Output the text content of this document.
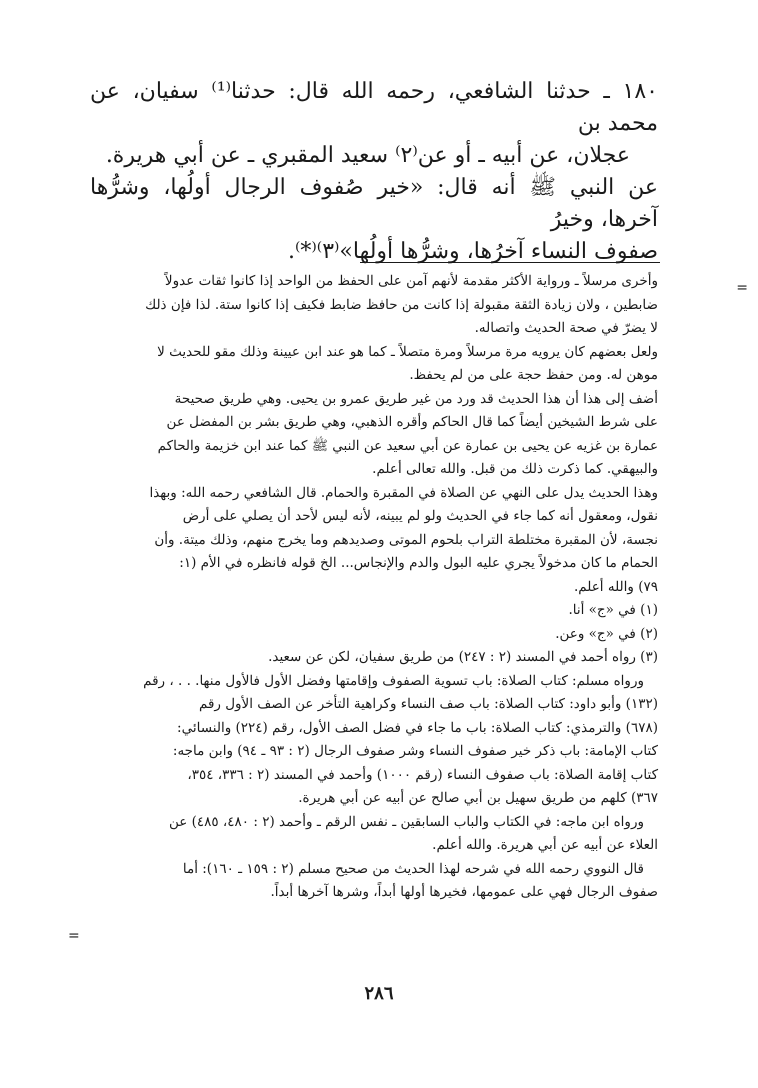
١٨٠ ـ حدثنا الشافعي، رحمه الله قال: حدثنا⁽¹⁾ سفيان، عن محمد بن

عجلان، عن أبيه ـ أو عن⁽٢⁾ سعيد المقبري ـ عن أبي هريرة.

عن النبي ﷺ أنه قال: «خير صُفوف الرجال أولُها، وشرُّها آخرها، وخيرُ

صفوف النساء آخرُها، وشرُّها أولُها»⁽٣⁾⁽*⁾.

=

وأخرى مرسلاً ـ ورواية الأكثر مقدمة لأنهم آمن على الحفظ من الواحد إذا كانوا ثقات عدولاً

ضابطين ، ولان زيادة الثقة مقبولة إذا كانت من حافظ ضابط فكيف إذا كانوا ستة. لذا فإن ذلك

لا يضرّ في صحة الحديث واتصاله.

ولعل بعضهم كان يرويه مرة مرسلاً ومرة متصلاً ـ كما هو عند ابن عيينة وذلك مقو للحديث لا

موهن له. ومن حفظ حجة على من لم يحفظ.

أضف إلى هذا أن هذا الحديث قد ورد من غير طريق عمرو بن يحيى. وهي طريق صحيحة

على شرط الشيخين أيضاً كما قال الحاكم وأقره الذهبي، وهي طريق بشر بن المفضل عن

عمارة بن غزيه عن يحيى بن عمارة عن أبي سعيد عن النبي ﷺ كما عند ابن خزيمة والحاكم

والبيهقي. كما ذكرت ذلك من قبل. والله تعالى أعلم.

وهذا الحديث يدل على النهي عن الصلاة في المقبرة والحمام. قال الشافعي رحمه الله: وبهذا

نقول، ومعقول أنه كما جاء في الحديث ولو لم يبينه، لأنه ليس لأحد أن يصلي على أرض

نجسة، لأن المقبرة مختلطة التراب بلحوم الموتى وصديدهم وما يخرج منهم، وذلك ميتة. وأن

الحمام ما كان مدخولاً يجري عليه البول والدم والإنجاس... الخ قوله فانظره في الأم (١:

٧٩) والله أعلم.

(١) في «ج» أنا.

(٢) في «ج» وعن.

(٣) رواه أحمد في المسند (٢ : ٢٤٧) من طريق سفيان، لكن عن سعيد.

ورواه مسلم: كتاب الصلاة: باب تسوية الصفوف وإقامتها وفضل الأول فالأول منها. . . ، رقم

(١٣٢) وأبو داود: كتاب الصلاة: باب صف النساء وكراهية التأخر عن الصف الأول رقم

(٦٧٨) والترمذي: كتاب الصلاة: باب ما جاء في فضل الصف الأول، رقم (٢٢٤) والنسائي:

كتاب الإمامة: باب ذكر خير صفوف النساء وشر صفوف الرجال (٢ : ٩٣ ـ ٩٤) وابن ماجه:

كتاب إقامة الصلاة: باب صفوف النساء (رقم ١٠٠٠) وأحمد في المسند (٢ : ٣٣٦، ٣٥٤،

٣٦٧) كلهم من طريق سهيل بن أبي صالح عن أبيه عن أبي هريرة.

ورواه ابن ماجه: في الكتاب والباب السابقين ـ نفس الرقم ـ وأحمد (٢ : ٤٨٠، ٤٨٥) عن

العلاء عن أبيه عن أبي هريرة. والله أعلم.

قال النووي رحمه الله في شرحه لهذا الحديث من صحيح مسلم (٢ : ١٥٩ ـ ١٦٠): أما

صفوف الرجال فهي على عمومها، فخيرها أولها أبداً، وشرها آخرها أبداً.

=
٢٨٦
